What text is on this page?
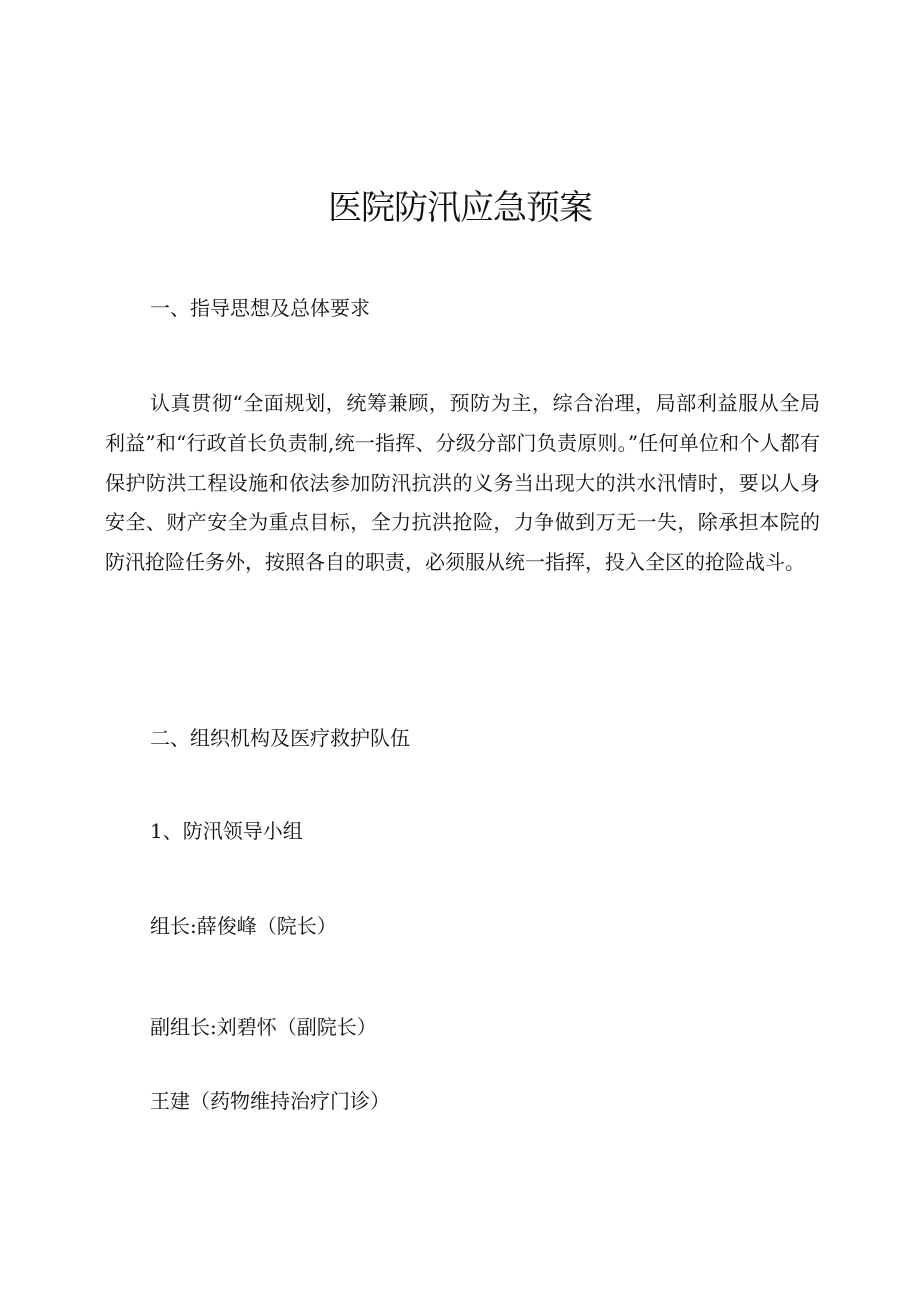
医院防汛应急预案
一、指导思想及总体要求

认真贯彻“全面规划，统筹兼顾，预防为主，综合治理，局部利益服从全局利益”和“行政首长负责制,统一指挥、分级分部门负责原则。”任何单位和个人都有保护防洪工程设施和依法参加防汛抗洪的义务当出现大的洪水汛情时，要以人身安全、财产安全为重点目标，全力抗洪抢险，力争做到万无一失，除承担本院的防汛抢险任务外，按照各自的职责，必须服从统一指挥，投入全区的抢险战斗。

二、组织机构及医疗救护队伍
1、防汛领导小组
组长:薛俊峰（院长）
副组长:刘碧怀（副院长）
王建（药物维持治疗门诊）
